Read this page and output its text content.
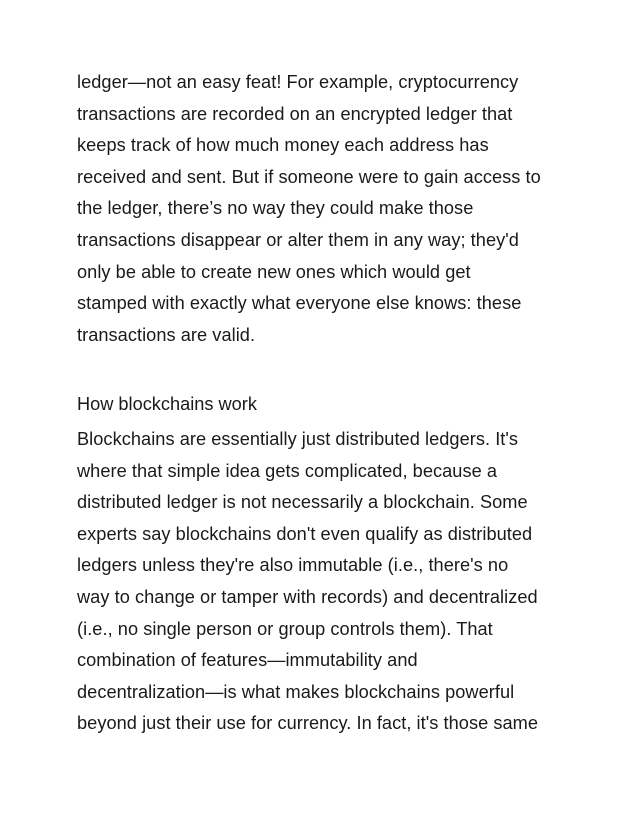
ledger—not an easy feat! For example, cryptocurrency
transactions are recorded on an encrypted ledger that
keeps track of how much money each address has
received and sent. But if someone were to gain access to
the ledger, there’s no way they could make those
transactions disappear or alter them in any way; they'd
only be able to create new ones which would get
stamped with exactly what everyone else knows: these
transactions are valid.
How blockchains work
Blockchains are essentially just distributed ledgers. It's
where that simple idea gets complicated, because a
distributed ledger is not necessarily a blockchain. Some
experts say blockchains don't even qualify as distributed
ledgers unless they're also immutable (i.e., there's no
way to change or tamper with records) and decentralized
(i.e., no single person or group controls them). That
combination of features—immutability and
decentralization—is what makes blockchains powerful
beyond just their use for currency. In fact, it's those same
